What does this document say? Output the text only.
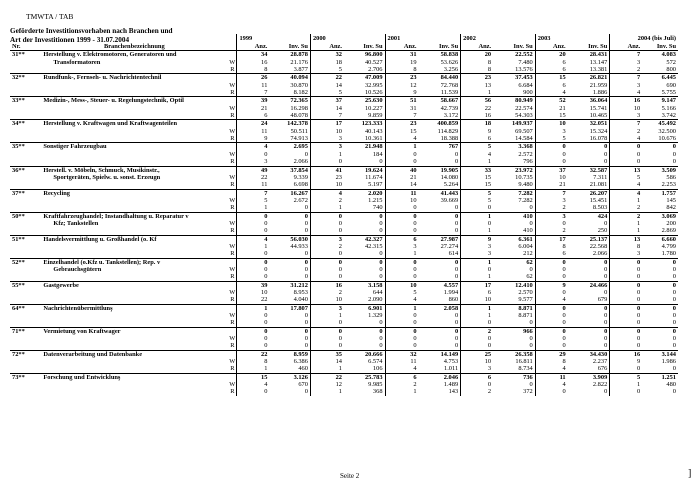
TMWTA / TAB
Geförderte Investitionsvorhaben nach Branchen und
Art der Investitionen 1999 - 31.07.2004
				1999		2000		2001		2002		2003		2004 (bis Juli)	
Nr.	Branchenbezeichnung		Anz.	Inv. Su	Anz.	Inv. Su	Anz.	Inv. Su	Anz.	Inv. Su	Anz.	Inv. Su	Anz.	Inv. Su
31**	Herstellung v. Elektromotoren, Generatoren und		34	28.878	32	96.800	31	58.838	20	22.552	20	28.431	7	4.083
	Transformatoren	W	16	21.176	18	40.527	19	53.626	8	7.480	6	13.147	3	572
		R	8	3.877	5	2.706	8	3.256	8	13.576	6	13.381	2	800
32**	Rundfunk-, Fernseh- u. Nachrichtentechnil		26	40.094	22	47.009	23	84.440	23	37.453	15	26.821	7	6.445
		W	11	30.870	14	32.995	12	72.768	13	6.684	6	21.959	3	690
		R	7	8.182	5	10.526	9	11.539	1	900	4	1.886	4	5.755
33**	Medizin-, Mess-, Steuer- u. Regelungstechnik, Optil		39	72.365	37	25.630	51	58.667	56	80.949	52	36.064	16	9.147
		W	21	16.298	14	10.227	31	42.739	22	22.574	21	15.741	10	5.166
		R	6	48.078	7	9.859	7	3.172	16	54.303	15	10.465	3	3.742
34**	Herstellung v. Kraftwagen und Kraftwagenteilen		24	142.378	17	123.333	23	400.859	18	149.937	10	32.051	7	45.492
		W	11	50.511	10	40.143	15	114.829	9	69.507	3	15.324	2	32.500
		R	9	74.913	3	10.361	4	18.388	6	14.584	5	16.078	4	10.676
35**	Sonstiger Fahrzeugbau		4	2.695	3	21.948	1	767	5	3.368	0	0	0	0
		W	0	0	1	184	0	0	4	2.572	0	0	0	0
		R	3	2.066	0	0	0	0	1	796	0	0	0	0
36**	Herstell. v. Möbeln, Schmuck, Musikinstr.,		49	37.854	41	19.624	40	19.905	33	23.972	37	32.587	13	3.509
	Sportgeräten, Spielw. u. sonst. Erzeugn	W	22	9.339	23	11.674	21	14.080	15	10.735	10	7.311	5	586
		R	11	6.698	10	5.197	14	5.264	15	9.480	21	21.081	4	2.253
37**	Recycling		7	16.267	4	2.020	11	41.443	5	7.282	7	26.207	4	1.757
		W	5	2.672	2	1.215	10	39.669	5	7.282	3	15.451	1	145
		R	1	0	1	740	0	0	0	0	2	8.503	2	842
50**	Kraftfahrzeughandel; Instandhaltung u. Reparatur v		0	0	0	0	0	0	1	410	3	424	2	3.069
	Kfz; Tankstellen	W	0	0	0	0	0	0	0	0	0	0	1	200
		R	0	0	0	0	0	0	1	410	2	250	1	2.869
51**	Handelsvermittlung u. Großhandel (o. Kf		4	56.030	3	42.327	6	27.987	9	6.361	17	25.137	13	6.660
		W	1	44.933	2	42.315	3	27.274	3	6.004	8	22.568	8	4.799
		R	0	0	0	0	1	614	3	212	6	2.066	3	1.780
52**	Einzelhandel (o.Kfz u. Tankstellen); Rep. v		0	0	0	0	0	0	1	62	0	0	0	0
	Gebrauchsgütern	W	0	0	0	0	0	0	0	0	0	0	0	0
		R	0	0	0	0	0	0	1	62	0	0	0	0
55**	Gastgewerbe		39	31.212	16	3.158	10	4.557	17	12.410	9	24.466	0	0
		W	10	8.953	2	644	5	1.994	6	2.570	0	0	0	0
		R	22	4.040	10	2.090	4	860	10	9.577	4	679	0	0
64**	Nachrichtenübermittlunş		1	17.807	3	6.901	1	2.058	1	8.871	0	0	0	0
		W	0	0	1	1.329	0	0	1	8.871	0	0	0	0
		R	0	0	0	0	0	0	0	0	0	0	0	0
71**	Vermietung von Kraftwager		0	0	0	0	0	0	2	966	0	0	0	0
		W	0	0	0	0	0	0	0	0	0	0	0	0
		R	0	0	0	0	0	0	0	0	0	0	0	0
72**	Datenverarbeitung und Datenbanke		22	8.959	35	20.666	32	14.149	25	26.358	29	34.430	16	3.144
		W	8	6.386	14	6.574	11	4.753	10	16.811	8	2.237	9	1.986
		R	1	460	1	106	4	1.011	3	8.734	4	676	0	0
73**	Forschung und Entwicklunş		15	3.126	22	25.783	6	2.046	6	736	11	3.909	5	1.251
		W	4	670	12	9.985	2	1.489	0	0	4	2.822	1	480
		R	0	0	1	368	1	143	2	372	0	0	0	0
Seite 2	]
